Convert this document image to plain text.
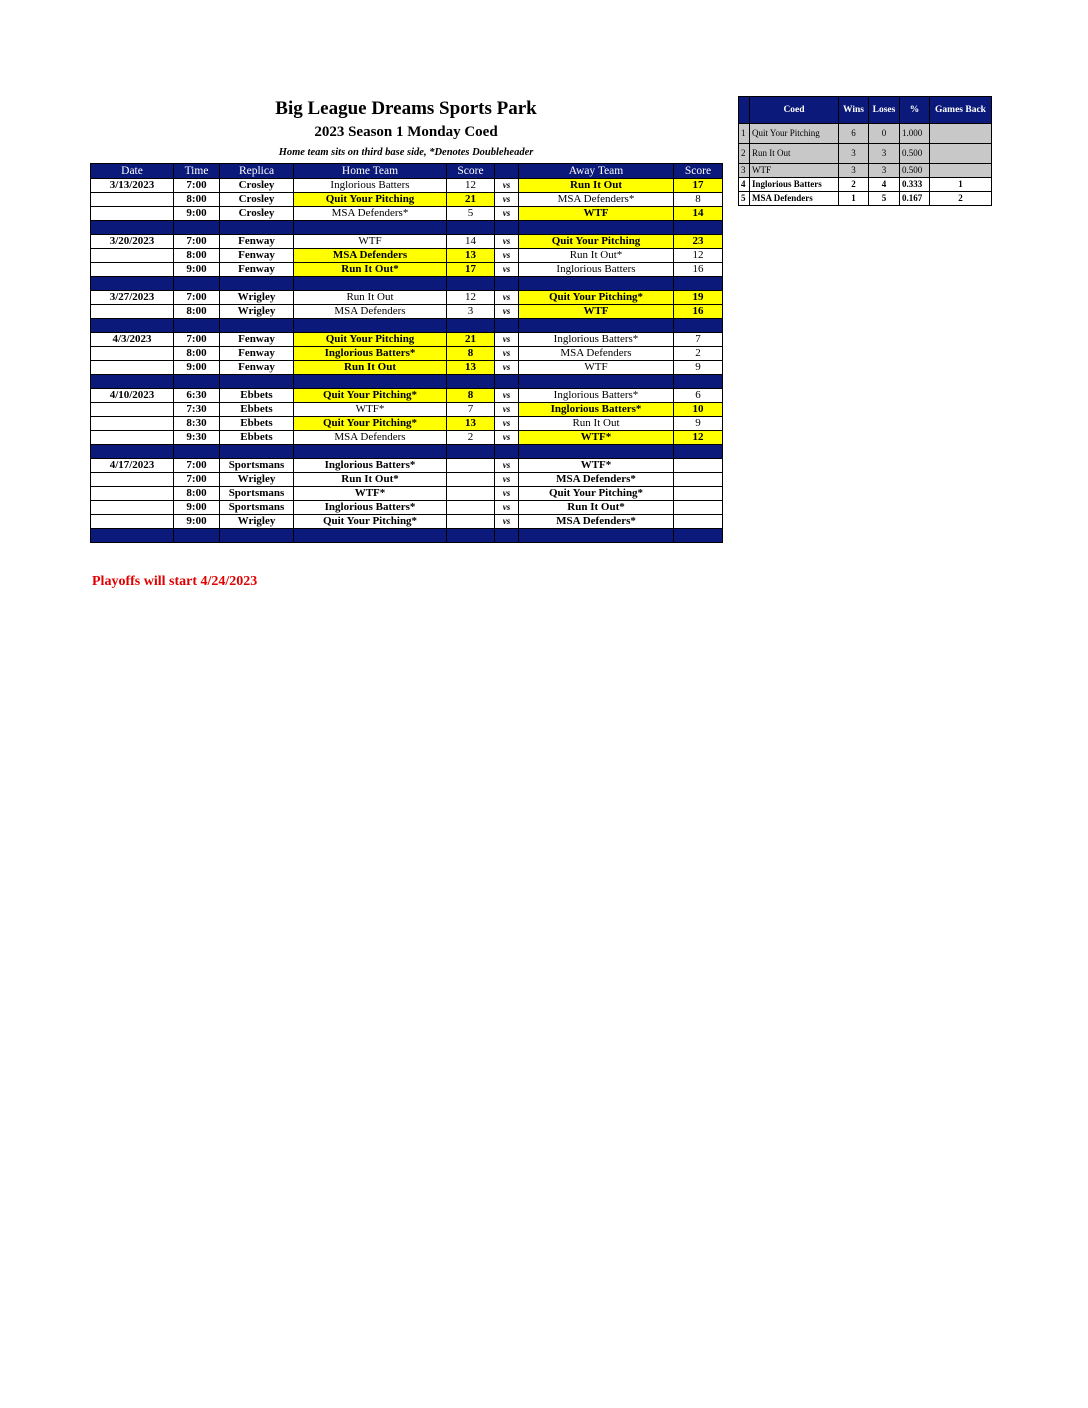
Big League Dreams Sports Park
2023 Season 1 Monday Coed
Home team sits on third base side, *Denotes Doubleheader
Date	Time	Replica	Home Team	Score		Away Team	Score
3/13/2023	7:00	Crosley	Inglorious Batters	12	vs	Run It Out	17
	8:00	Crosley	Quit Your Pitching	21	vs	MSA Defenders*	8
	9:00	Crosley	MSA Defenders*	5	vs	WTF	14

3/20/2023	7:00	Fenway	WTF	14	vs	Quit Your Pitching	23
	8:00	Fenway	MSA Defenders	13	vs	Run It Out*	12
	9:00	Fenway	Run It Out*	17	vs	Inglorious Batters	16

3/27/2023	7:00	Wrigley	Run It Out	12	vs	Quit Your Pitching*	19
	8:00	Wrigley	MSA Defenders	3	vs	WTF	16

4/3/2023	7:00	Fenway	Quit Your Pitching	21	vs	Inglorious Batters*	7
	8:00	Fenway	Inglorious Batters*	8	vs	MSA Defenders	2
	9:00	Fenway	Run It Out	13	vs	WTF	9

4/10/2023	6:30	Ebbets	Quit Your Pitching*	8	vs	Inglorious Batters*	6
	7:30	Ebbets	WTF*	7	vs	Inglorious Batters*	10
	8:30	Ebbets	Quit Your Pitching*	13	vs	Run It Out	9
	9:30	Ebbets	MSA Defenders	2	vs	WTF*	12

4/17/2023	7:00	Sportsmans	Inglorious Batters*		vs	WTF*	
	7:00	Wrigley	Run It Out*		vs	MSA Defenders*	
	8:00	Sportsmans	WTF*		vs	Quit Your Pitching*	
	9:00	Sportsmans	Inglorious Batters*		vs	Run It Out*	
	9:00	Wrigley	Quit Your Pitching*		vs	MSA Defenders*	

	Coed	Wins	Loses	%	Games Back
1	Quit Your Pitching	6	0	1.000	
2	Run It Out	3	3	0.500	
3	WTF	3	3	0.500	
4	Inglorious Batters	2	4	0.333	1
5	MSA Defenders	1	5	0.167	2
Playoffs will start 4/24/2023
